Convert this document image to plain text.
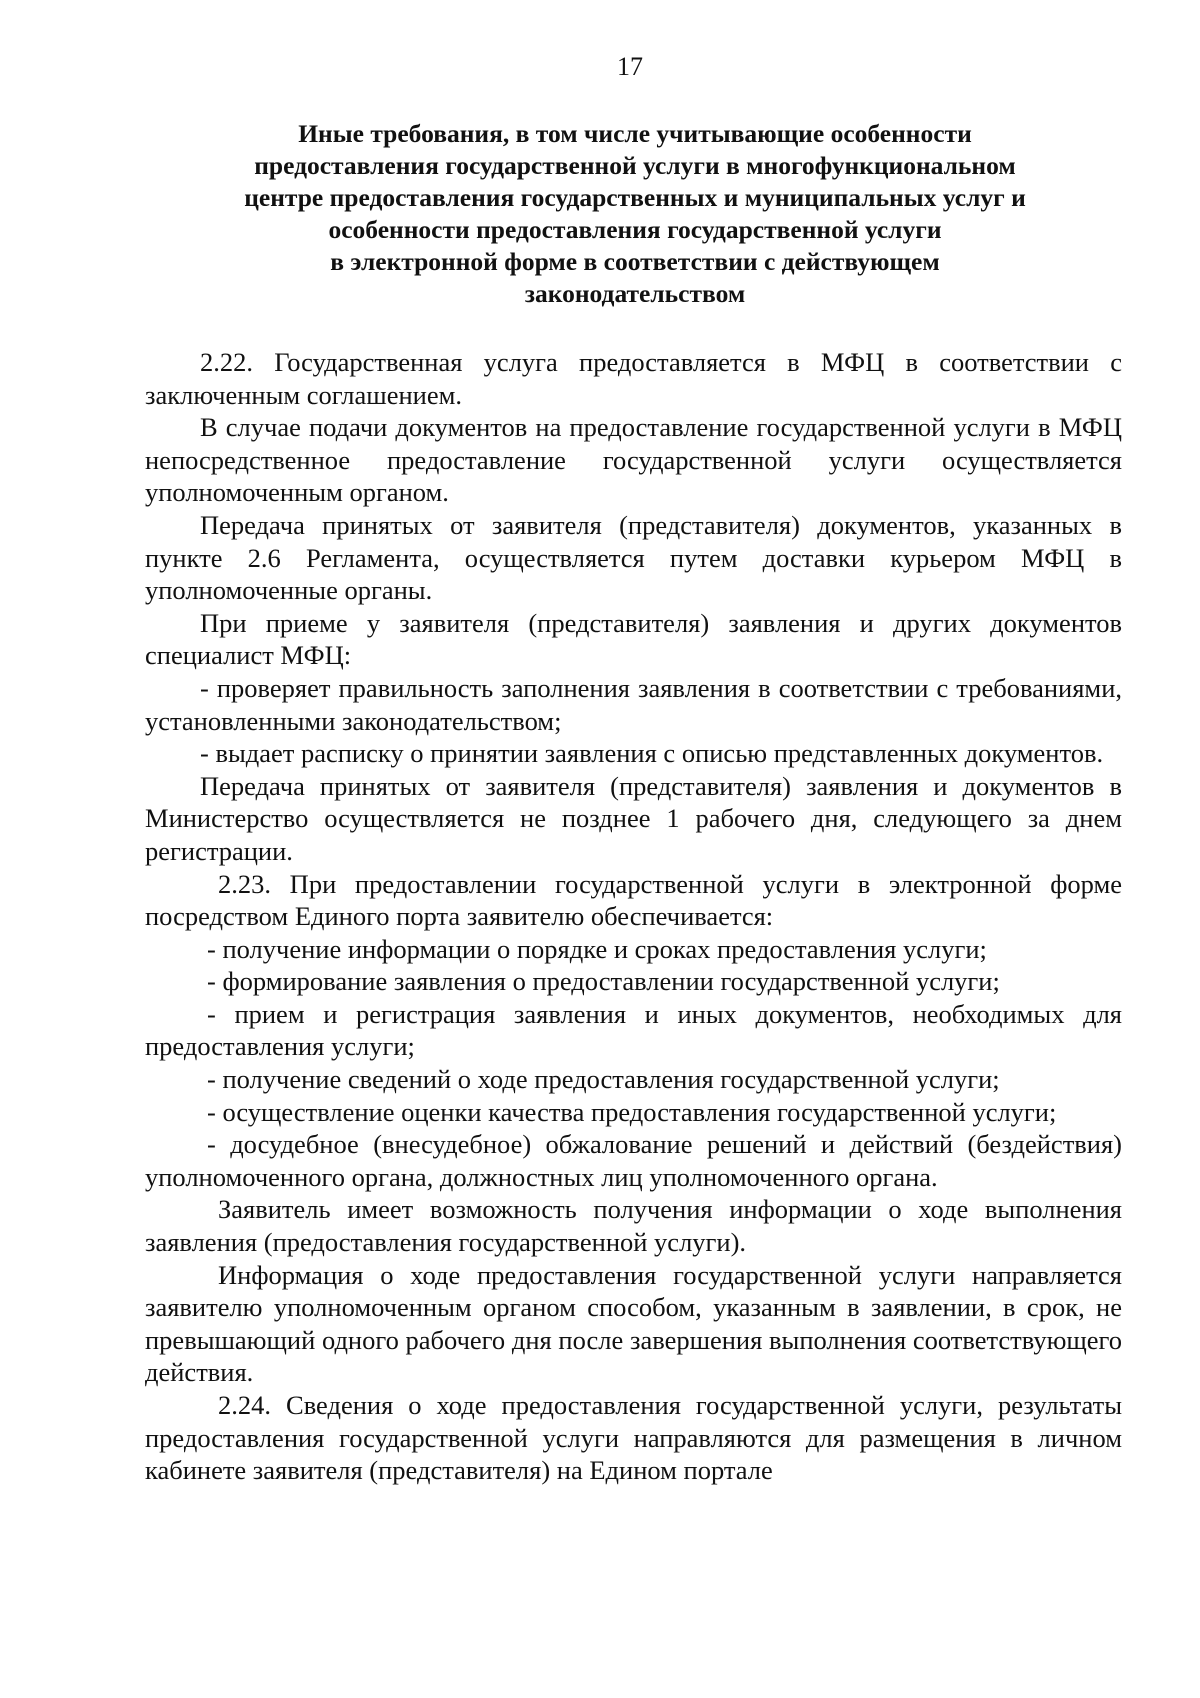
17
Иные требования, в том числе учитывающие особенности
предоставления государственной услуги в многофункциональном
центре предоставления государственных и муниципальных услуг и
особенности предоставления государственной услуги
в электронной форме в соответствии с действующем
законодательством

2.22. Государственная услуга предоставляется в МФЦ в соответствии с заключенным соглашением.

В случае подачи документов на предоставление государственной услуги в МФЦ непосредственное предоставление государственной услуги осуществляется уполномоченным органом.

Передача принятых от заявителя (представителя) документов, указанных в пункте 2.6 Регламента, осуществляется путем доставки курьером МФЦ в уполномоченные органы.

При приеме у заявителя (представителя) заявления и других документов специалист МФЦ:

- проверяет правильность заполнения заявления в соответствии с требованиями, установленными законодательством;

- выдает расписку о принятии заявления с описью представленных документов.

Передача принятых от заявителя (представителя) заявления и документов в Министерство осуществляется не позднее 1 рабочего дня, следующего за днем регистрации.

2.23. При предоставлении государственной услуги в электронной форме посредством Единого порта заявителю обеспечивается:

- получение информации о порядке и сроках предоставления услуги;

- формирование заявления о предоставлении государственной услуги;

- прием и регистрация заявления и иных документов, необходимых для предоставления услуги;

- получение сведений о ходе предоставления государственной услуги;

- осуществление оценки качества предоставления государственной услуги;

- досудебное (внесудебное) обжалование решений и действий (бездействия) уполномоченного органа, должностных лиц уполномоченного органа.

Заявитель имеет возможность получения информации о ходе выполнения заявления (предоставления государственной услуги).

Информация о ходе предоставления государственной услуги направляется заявителю уполномоченным органом способом, указанным в заявлении, в срок, не превышающий одного рабочего дня после завершения выполнения соответствующего действия.

2.24. Сведения о ходе предоставления государственной услуги, результаты предоставления государственной услуги направляются для размещения в личном кабинете заявителя (представителя) на Едином портале
